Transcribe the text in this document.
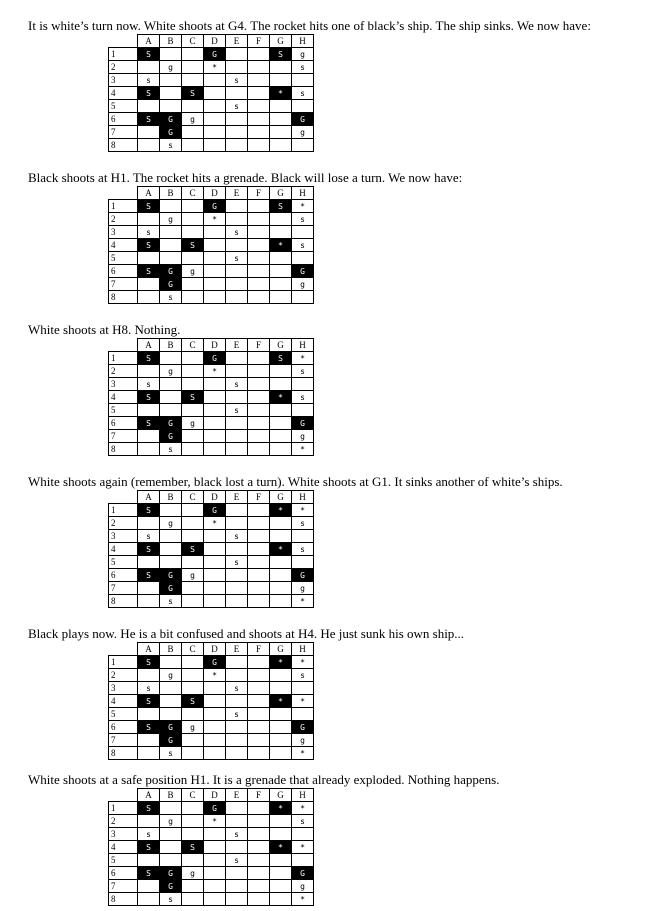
It is white’s turn now. White shoots at G4. The rocket hits one of black’s ship. The ship sinks. We now have:
	A	B	C	D	E	F	G	H
1	S			G			S	g
2		g		*				s
3	s				s			
4	S		S				*	s
5					s			
6	S	G	g					G
7		G						g
8		s						
Black shoots at H1. The rocket hits a grenade. Black will lose a turn. We now have:
	A	B	C	D	E	F	G	H
1	S			G			S	*
2		g		*				s
3	s				s			
4	S		S				*	s
5					s			
6	S	G	g					G
7		G						g
8		s						
White shoots at H8. Nothing.
	A	B	C	D	E	F	G	H
1	S			G			S	*
2		g		*				s
3	s				s			
4	S		S				*	s
5					s			
6	S	G	g					G
7		G						g
8		s						*
White shoots again (remember, black lost a turn). White shoots at G1. It sinks another of white’s ships.
	A	B	C	D	E	F	G	H
1	S			G			*	*
2		g		*				s
3	s				s			
4	S		S				*	s
5					s			
6	S	G	g					G
7		G						g
8		s						*
Black plays now. He is a bit confused and shoots at H4. He just sunk his own ship...
	A	B	C	D	E	F	G	H
1	S			G			*	*
2		g		*				s
3	s				s			
4	S		S				*	*
5					s			
6	S	G	g					G
7		G						g
8		s						*
White shoots at a safe position H1. It is a grenade that already exploded. Nothing happens.
	A	B	C	D	E	F	G	H
1	S			G			*	*
2		g		*				s
3	s				s			
4	S		S				*	*
5					s			
6	S	G	g					G
7		G						g
8		s						*
